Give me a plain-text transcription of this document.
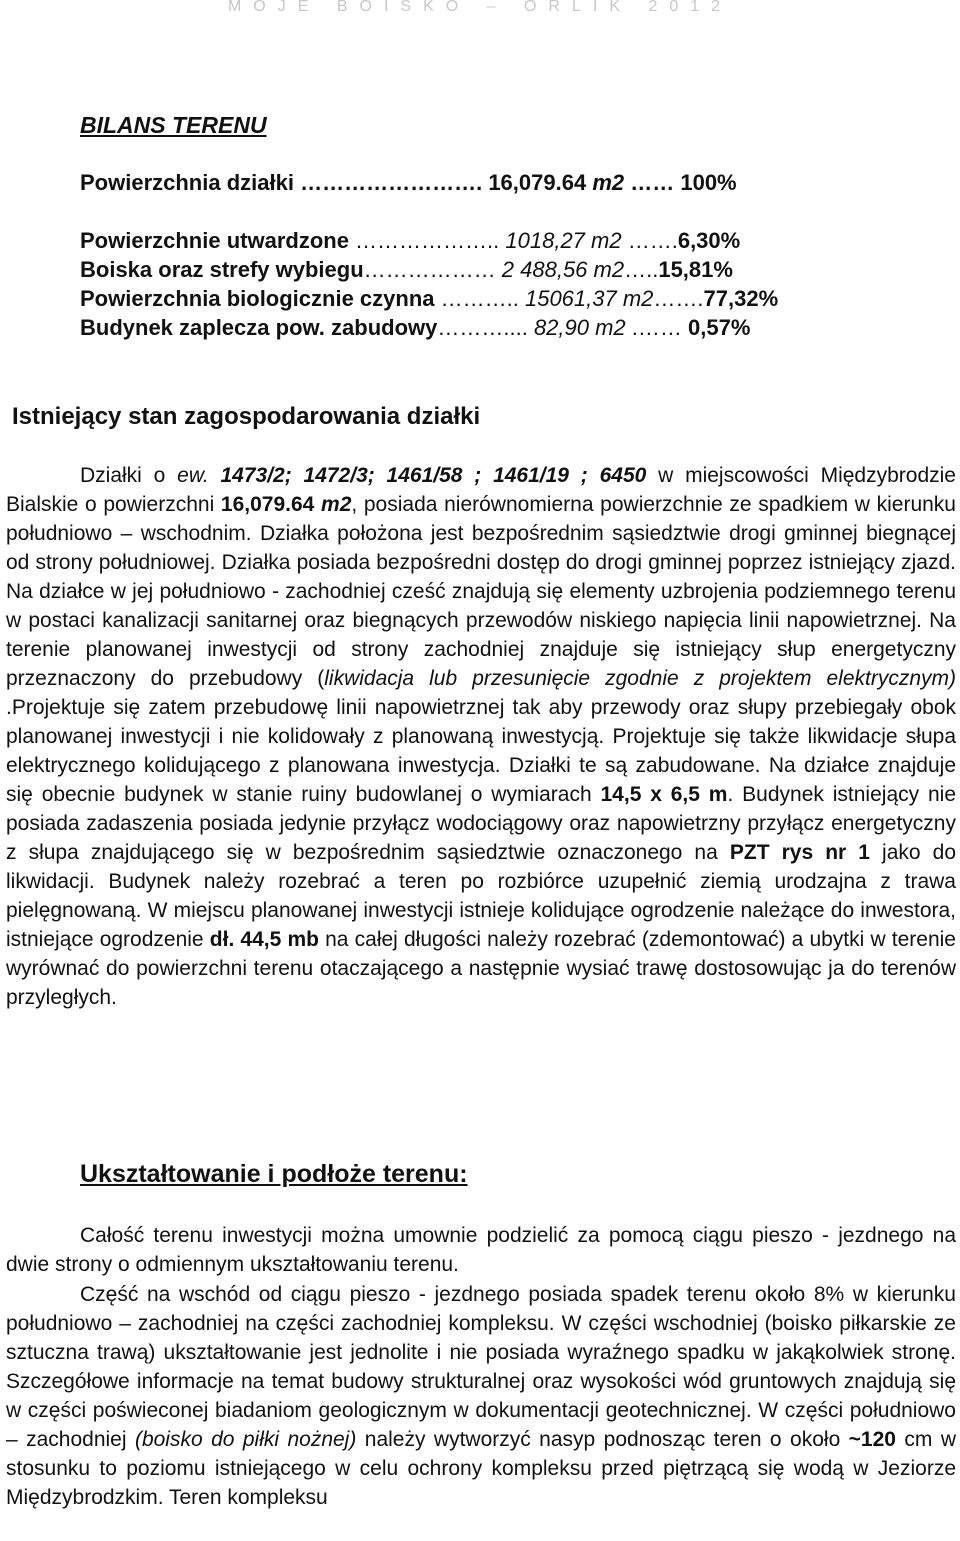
MOJE BOISKO – ORLIK 2012
BILANS TERENU

Powierzchnia działki ……………………. 16,079.64 m2 …… 100%

Powierzchnie utwardzone ……………….. 1018,27 m2 …….6,30%

Boiska oraz strefy wybiegu……………… 2 488,56 m2…..15,81%

Powierzchnia biologicznie czynna ……….. 15061,37 m2…….77,32%

Budynek zaplecza pow. zabudowy……….... 82,90 m2 .…… 0,57%

Istniejący stan zagospodarowania działki

Działki o ew. 1473/2; 1472/3; 1461/58 ; 1461/19 ; 6450 w miejscowości Międzybrodzie Bialskie o powierzchni 16,079.64 m2, posiada nierównomierna powierzchnie ze spadkiem w kierunku południowo – wschodnim. Działka położona jest bezpośrednim sąsiedztwie drogi gminnej biegnącej od strony południowej. Działka posiada bezpośredni dostęp do drogi gminnej poprzez istniejący zjazd. Na działce w jej południowo - zachodniej cześć znajdują się elementy uzbrojenia podziemnego terenu w postaci kanalizacji sanitarnej oraz biegnących przewodów niskiego napięcia linii napowietrznej. Na terenie planowanej inwestycji od strony zachodniej znajduje się istniejący słup energetyczny przeznaczony do przebudowy (likwidacja lub przesunięcie zgodnie z projektem elektrycznym) .Projektuje się zatem przebudowę linii napowietrznej tak aby przewody oraz słupy przebiegały obok planowanej inwestycji i nie kolidowały z planowaną inwestycją. Projektuje się także likwidacje słupa elektrycznego kolidującego z planowana inwestycja. Działki te są zabudowane. Na działce znajduje się obecnie budynek w stanie ruiny budowlanej o wymiarach 14,5 x 6,5 m. Budynek istniejący nie posiada zadaszenia posiada jedynie przyłącz wodociągowy oraz napowietrzny przyłącz energetyczny z słupa znajdującego się w bezpośrednim sąsiedztwie oznaczonego na PZT rys nr 1 jako do likwidacji. Budynek należy rozebrać a teren po rozbiórce uzupełnić ziemią urodzajna z trawa pielęgnowaną. W miejscu planowanej inwestycji istnieje kolidujące ogrodzenie należące do inwestora, istniejące ogrodzenie dł. 44,5 mb na całej długości należy rozebrać (zdemontować) a ubytki w terenie wyrównać do powierzchni terenu otaczającego a następnie wysiać trawę dostosowując ja do terenów przyległych.

Ukształtowanie i podłoże terenu:

Całość terenu inwestycji można umownie podzielić za pomocą ciągu pieszo - jezdnego na dwie strony o odmiennym ukształtowaniu terenu.

Część na wschód od ciągu pieszo - jezdnego posiada spadek terenu około 8% w kierunku południowo – zachodniej na części zachodniej kompleksu. W części wschodniej (boisko piłkarskie ze sztuczna trawą) ukształtowanie jest jednolite i nie posiada wyraźnego spadku w jakąkolwiek stronę. Szczegółowe informacje na temat budowy strukturalnej oraz wysokości wód gruntowych znajdują się w części poświeconej biadaniom geologicznym w dokumentacji geotechnicznej. W części południowo – zachodniej (boisko do piłki nożnej) należy wytworzyć nasyp podnosząc teren o około ~120 cm w stosunku to poziomu istniejącego w celu ochrony kompleksu przed piętrzącą się wodą w Jeziorze Międzybrodzkim. Teren kompleksu
